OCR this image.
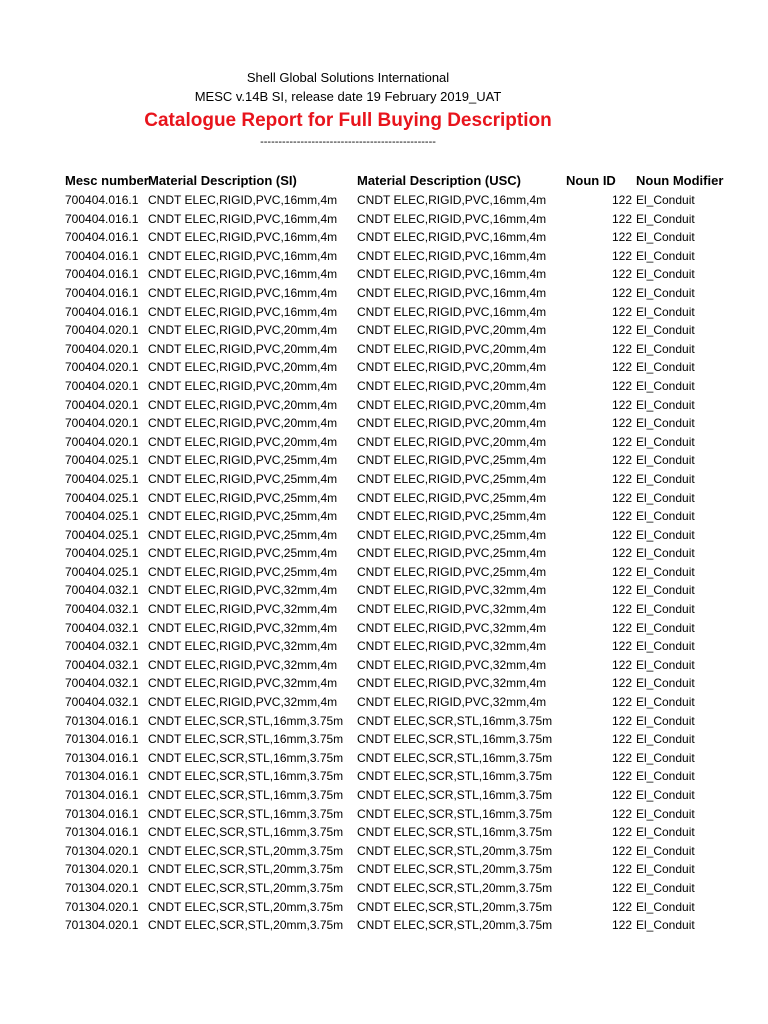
Shell Global Solutions International
MESC v.14B SI, release date 19 February 2019_UAT
Catalogue Report for Full Buying Description
------------------------------------------------
Mesc number Material Description (SI)	Material Description (USC)	Noun ID	Noun Modifier
700404.016.1 CNDT ELEC,RIGID,PVC,16mm,4m	CNDT ELEC,RIGID,PVC,16mm,4m	122 El_Conduit
700404.016.1 CNDT ELEC,RIGID,PVC,16mm,4m	CNDT ELEC,RIGID,PVC,16mm,4m	122 El_Conduit
700404.016.1 CNDT ELEC,RIGID,PVC,16mm,4m	CNDT ELEC,RIGID,PVC,16mm,4m	122 El_Conduit
700404.016.1 CNDT ELEC,RIGID,PVC,16mm,4m	CNDT ELEC,RIGID,PVC,16mm,4m	122 El_Conduit
700404.016.1 CNDT ELEC,RIGID,PVC,16mm,4m	CNDT ELEC,RIGID,PVC,16mm,4m	122 El_Conduit
700404.016.1 CNDT ELEC,RIGID,PVC,16mm,4m	CNDT ELEC,RIGID,PVC,16mm,4m	122 El_Conduit
700404.016.1 CNDT ELEC,RIGID,PVC,16mm,4m	CNDT ELEC,RIGID,PVC,16mm,4m	122 El_Conduit
700404.020.1 CNDT ELEC,RIGID,PVC,20mm,4m	CNDT ELEC,RIGID,PVC,20mm,4m	122 El_Conduit
700404.020.1 CNDT ELEC,RIGID,PVC,20mm,4m	CNDT ELEC,RIGID,PVC,20mm,4m	122 El_Conduit
700404.020.1 CNDT ELEC,RIGID,PVC,20mm,4m	CNDT ELEC,RIGID,PVC,20mm,4m	122 El_Conduit
700404.020.1 CNDT ELEC,RIGID,PVC,20mm,4m	CNDT ELEC,RIGID,PVC,20mm,4m	122 El_Conduit
700404.020.1 CNDT ELEC,RIGID,PVC,20mm,4m	CNDT ELEC,RIGID,PVC,20mm,4m	122 El_Conduit
700404.020.1 CNDT ELEC,RIGID,PVC,20mm,4m	CNDT ELEC,RIGID,PVC,20mm,4m	122 El_Conduit
700404.020.1 CNDT ELEC,RIGID,PVC,20mm,4m	CNDT ELEC,RIGID,PVC,20mm,4m	122 El_Conduit
700404.025.1 CNDT ELEC,RIGID,PVC,25mm,4m	CNDT ELEC,RIGID,PVC,25mm,4m	122 El_Conduit
700404.025.1 CNDT ELEC,RIGID,PVC,25mm,4m	CNDT ELEC,RIGID,PVC,25mm,4m	122 El_Conduit
700404.025.1 CNDT ELEC,RIGID,PVC,25mm,4m	CNDT ELEC,RIGID,PVC,25mm,4m	122 El_Conduit
700404.025.1 CNDT ELEC,RIGID,PVC,25mm,4m	CNDT ELEC,RIGID,PVC,25mm,4m	122 El_Conduit
700404.025.1 CNDT ELEC,RIGID,PVC,25mm,4m	CNDT ELEC,RIGID,PVC,25mm,4m	122 El_Conduit
700404.025.1 CNDT ELEC,RIGID,PVC,25mm,4m	CNDT ELEC,RIGID,PVC,25mm,4m	122 El_Conduit
700404.025.1 CNDT ELEC,RIGID,PVC,25mm,4m	CNDT ELEC,RIGID,PVC,25mm,4m	122 El_Conduit
700404.032.1 CNDT ELEC,RIGID,PVC,32mm,4m	CNDT ELEC,RIGID,PVC,32mm,4m	122 El_Conduit
700404.032.1 CNDT ELEC,RIGID,PVC,32mm,4m	CNDT ELEC,RIGID,PVC,32mm,4m	122 El_Conduit
700404.032.1 CNDT ELEC,RIGID,PVC,32mm,4m	CNDT ELEC,RIGID,PVC,32mm,4m	122 El_Conduit
700404.032.1 CNDT ELEC,RIGID,PVC,32mm,4m	CNDT ELEC,RIGID,PVC,32mm,4m	122 El_Conduit
700404.032.1 CNDT ELEC,RIGID,PVC,32mm,4m	CNDT ELEC,RIGID,PVC,32mm,4m	122 El_Conduit
700404.032.1 CNDT ELEC,RIGID,PVC,32mm,4m	CNDT ELEC,RIGID,PVC,32mm,4m	122 El_Conduit
700404.032.1 CNDT ELEC,RIGID,PVC,32mm,4m	CNDT ELEC,RIGID,PVC,32mm,4m	122 El_Conduit
701304.016.1 CNDT ELEC,SCR,STL,16mm,3.75m	CNDT ELEC,SCR,STL,16mm,3.75m	122 El_Conduit
701304.016.1 CNDT ELEC,SCR,STL,16mm,3.75m	CNDT ELEC,SCR,STL,16mm,3.75m	122 El_Conduit
701304.016.1 CNDT ELEC,SCR,STL,16mm,3.75m	CNDT ELEC,SCR,STL,16mm,3.75m	122 El_Conduit
701304.016.1 CNDT ELEC,SCR,STL,16mm,3.75m	CNDT ELEC,SCR,STL,16mm,3.75m	122 El_Conduit
701304.016.1 CNDT ELEC,SCR,STL,16mm,3.75m	CNDT ELEC,SCR,STL,16mm,3.75m	122 El_Conduit
701304.016.1 CNDT ELEC,SCR,STL,16mm,3.75m	CNDT ELEC,SCR,STL,16mm,3.75m	122 El_Conduit
701304.016.1 CNDT ELEC,SCR,STL,16mm,3.75m	CNDT ELEC,SCR,STL,16mm,3.75m	122 El_Conduit
701304.020.1 CNDT ELEC,SCR,STL,20mm,3.75m	CNDT ELEC,SCR,STL,20mm,3.75m	122 El_Conduit
701304.020.1 CNDT ELEC,SCR,STL,20mm,3.75m	CNDT ELEC,SCR,STL,20mm,3.75m	122 El_Conduit
701304.020.1 CNDT ELEC,SCR,STL,20mm,3.75m	CNDT ELEC,SCR,STL,20mm,3.75m	122 El_Conduit
701304.020.1 CNDT ELEC,SCR,STL,20mm,3.75m	CNDT ELEC,SCR,STL,20mm,3.75m	122 El_Conduit
701304.020.1 CNDT ELEC,SCR,STL,20mm,3.75m	CNDT ELEC,SCR,STL,20mm,3.75m	122 El_Conduit
